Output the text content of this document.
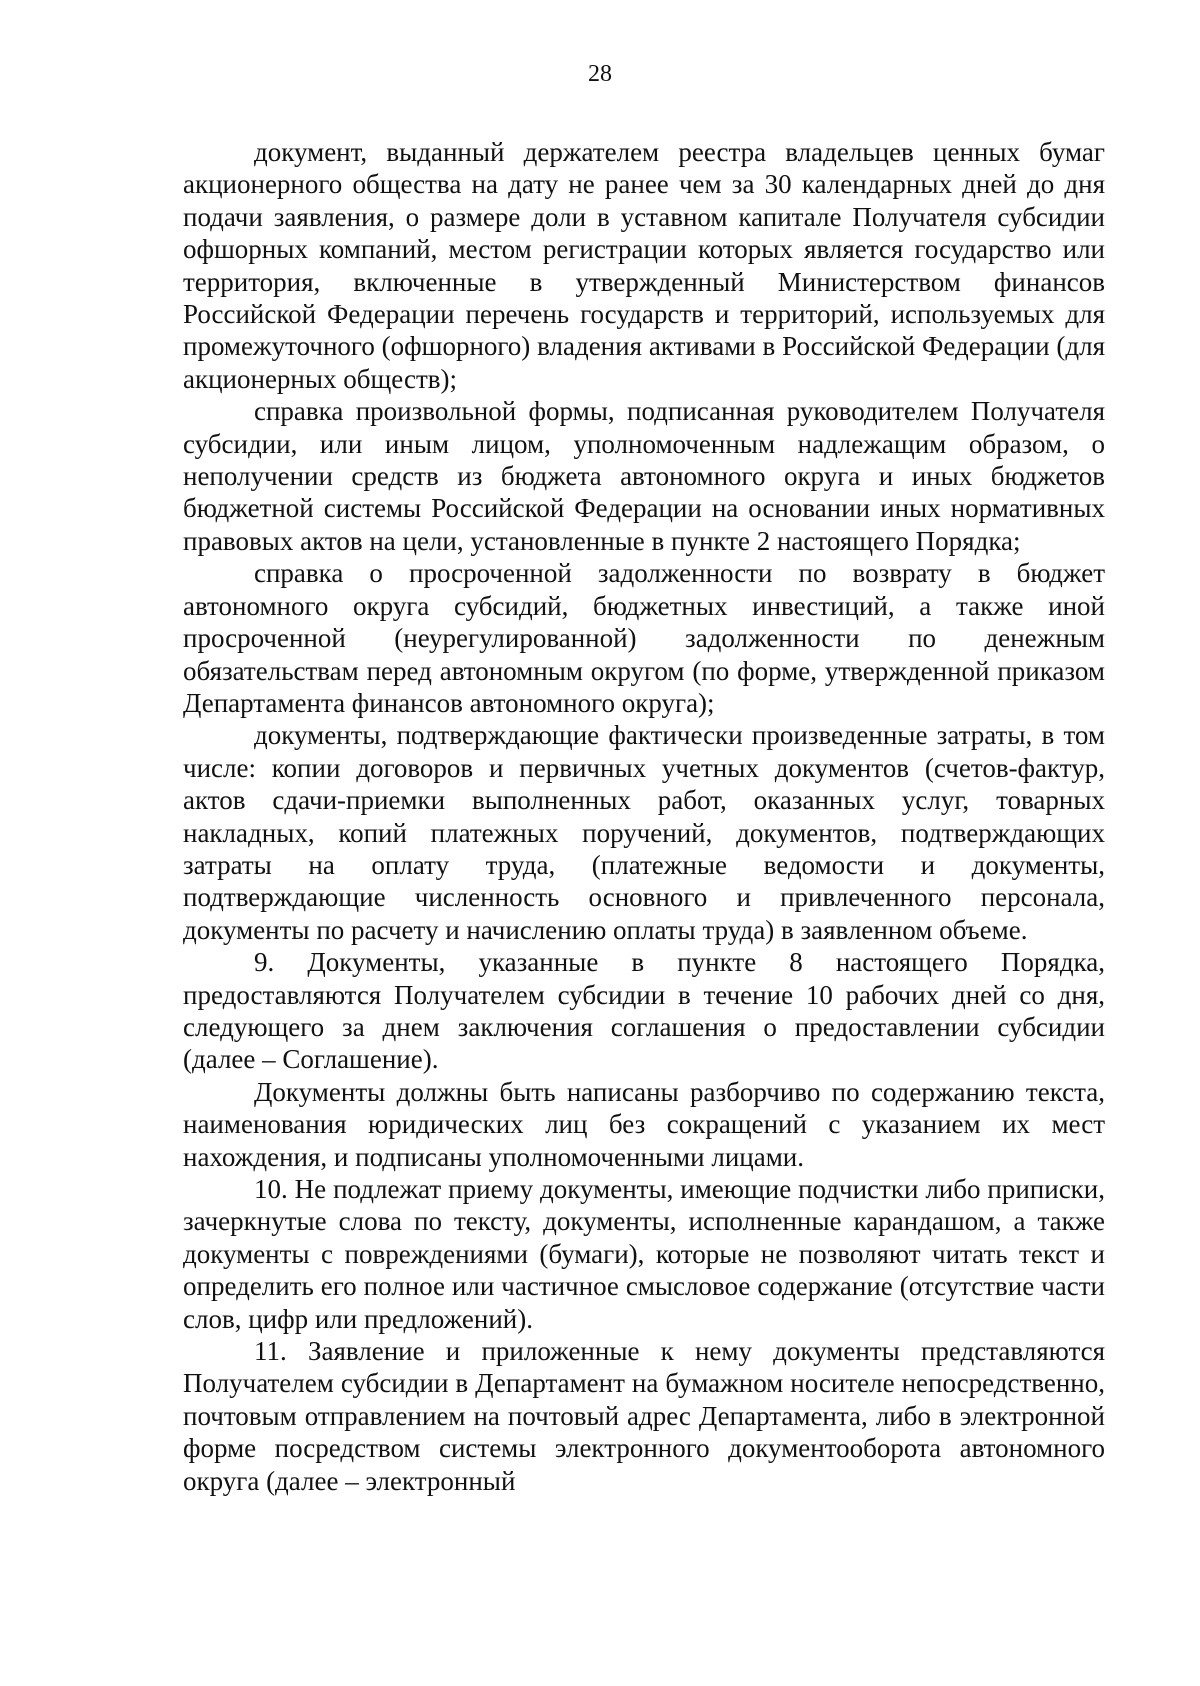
28

документ, выданный держателем реестра владельцев ценных бумаг акционерного общества на дату не ранее чем за 30 календарных дней до дня подачи заявления, о размере доли в уставном капитале Получателя субсидии офшорных компаний, местом регистрации которых является государство или территория, включенные в утвержденный Министерством финансов Российской Федерации перечень государств и территорий, используемых для промежуточного (офшорного) владения активами в Российской Федерации (для акционерных обществ);

справка произвольной формы, подписанная руководителем Получателя субсидии, или иным лицом, уполномоченным надлежащим образом, о неполучении средств из бюджета автономного округа и иных бюджетов бюджетной системы Российской Федерации на основании иных нормативных правовых актов на цели, установленные в пункте 2 настоящего Порядка;

справка о просроченной задолженности по возврату в бюджет автономного округа субсидий, бюджетных инвестиций, а также иной просроченной (неурегулированной) задолженности по денежным обязательствам перед автономным округом (по форме, утвержденной приказом Департамента финансов автономного округа);

документы, подтверждающие фактически произведенные затраты, в том числе: копии договоров и первичных учетных документов (счетов-фактур, актов сдачи-приемки выполненных работ, оказанных услуг, товарных накладных, копий платежных поручений, документов, подтверждающих затраты на оплату труда, (платежные ведомости и документы, подтверждающие численность основного и привлеченного персонала, документы по расчету и начислению оплаты труда) в заявленном объеме.

9. Документы, указанные в пункте 8 настоящего Порядка, предоставляются Получателем субсидии в течение 10 рабочих дней со дня, следующего за днем заключения соглашения о предоставлении субсидии (далее – Соглашение).

Документы должны быть написаны разборчиво по содержанию текста, наименования юридических лиц без сокращений с указанием их мест нахождения, и подписаны уполномоченными лицами.

10. Не подлежат приему документы, имеющие подчистки либо приписки, зачеркнутые слова по тексту, документы, исполненные карандашом, а также документы с повреждениями (бумаги), которые не позволяют читать текст и определить его полное или частичное смысловое содержание (отсутствие части слов, цифр или предложений).

11. Заявление и приложенные к нему документы представляются Получателем субсидии в Департамент на бумажном носителе непосредственно, почтовым отправлением на почтовый адрес Департамента, либо в электронной форме посредством системы электронного документооборота автономного округа (далее – электронный
